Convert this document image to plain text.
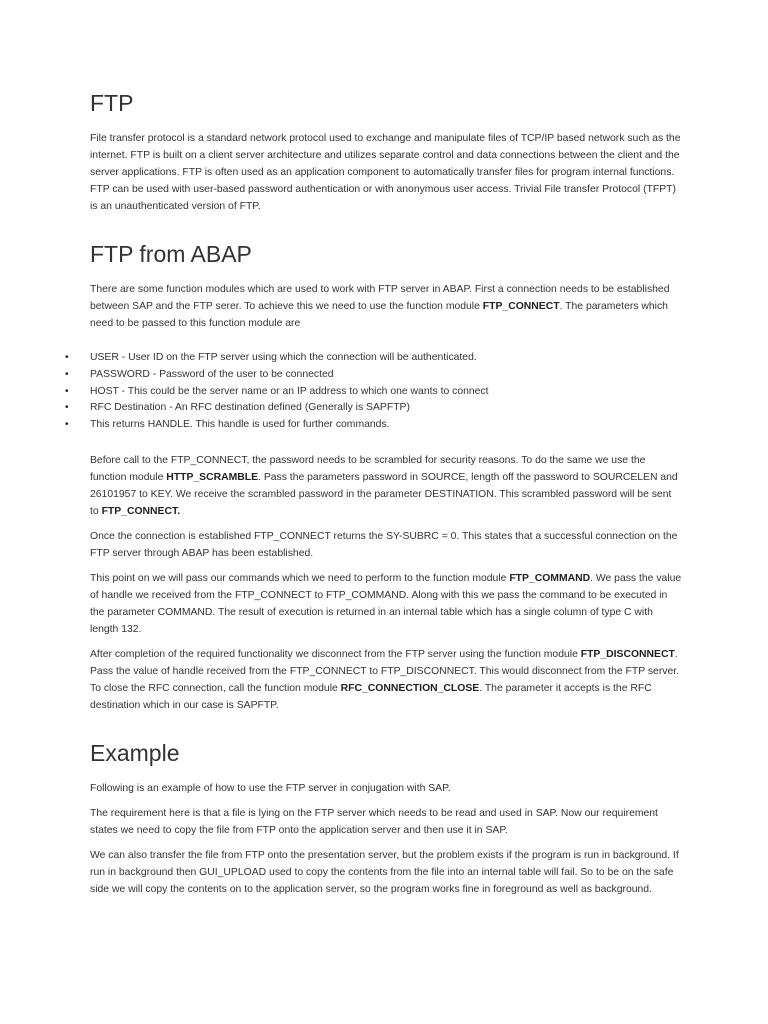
FTP

File transfer protocol is a standard network protocol used to exchange and manipulate files of TCP/IP based network such as the internet. FTP is built on a client server architecture and utilizes separate control and data connections between the client and the server applications. FTP is often used as an application component to automatically transfer files for program internal functions. FTP can be used with user-based password authentication or with anonymous user access. Trivial File transfer Protocol (TFPT) is an unauthenticated version of FTP.

FTP from ABAP

There are some function modules which are used to work with FTP server in ABAP. First a connection needs to be established between SAP and the FTP serer. To achieve this we need to use the function module FTP_CONNECT. The parameters which need to be passed to this function module are

• USER - User ID on the FTP server using which the connection will be authenticated.
• PASSWORD - Password of the user to be connected
• HOST - This could be the server name or an IP address to which one wants to connect
• RFC Destination - An RFC destination defined (Generally is SAPFTP)
• This returns HANDLE. This handle is used for further commands.

Before call to the FTP_CONNECT, the password needs to be scrambled for security reasons. To do the same we use the function module HTTP_SCRAMBLE. Pass the parameters password in SOURCE, length off the password to SOURCELEN and 26101957 to KEY. We receive the scrambled password in the parameter DESTINATION. This scrambled password will be sent to FTP_CONNECT.

Once the connection is established FTP_CONNECT returns the SY-SUBRC = 0. This states that a successful connection on the FTP server through ABAP has been established.

This point on we will pass our commands which we need to perform to the function module FTP_COMMAND. We pass the value of handle we received from the FTP_CONNECT to FTP_COMMAND. Along with this we pass the command to be executed in the parameter COMMAND. The result of execution is returned in an internal table which has a single column of type C with length 132.

After completion of the required functionality we disconnect from the FTP server using the function module FTP_DISCONNECT. Pass the value of handle received from the FTP_CONNECT to FTP_DISCONNECT. This would disconnect from the FTP server. To close the RFC connection, call the function module RFC_CONNECTION_CLOSE. The parameter it accepts is the RFC destination which in our case is SAPFTP.

Example

Following is an example of how to use the FTP server in conjugation with SAP.

The requirement here is that a file is lying on the FTP server which needs to be read and used in SAP. Now our requirement states we need to copy the file from FTP onto the application server and then use it in SAP.

We can also transfer the file from FTP onto the presentation server, but the problem exists if the program is run in background. If run in background then GUI_UPLOAD used to copy the contents from the file into an internal table will fail. So to be on the safe side we will copy the contents on to the application server, so the program works fine in foreground as well as background.
